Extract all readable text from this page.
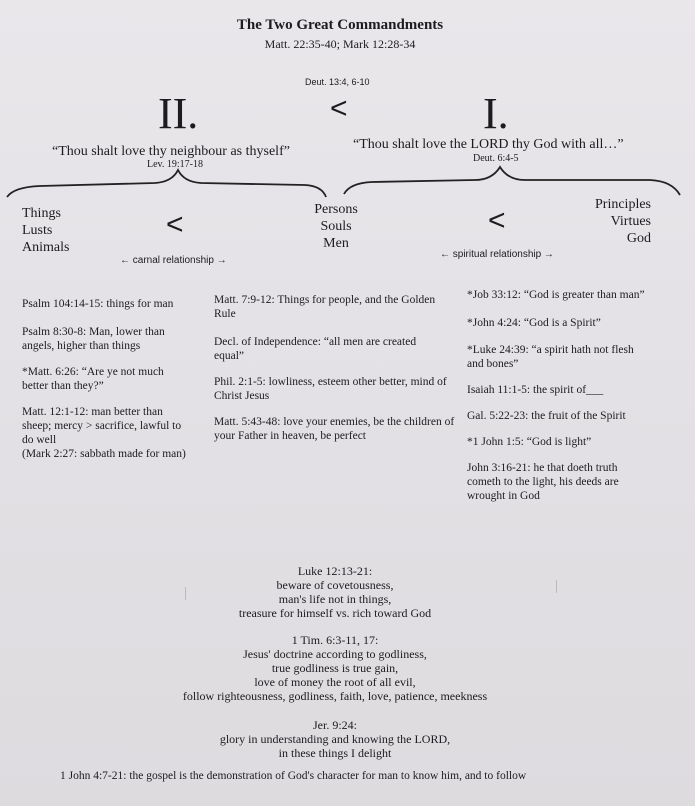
The Two Great Commandments
Matt. 22:35-40; Mark 12:28-34
Deut. 13:4, 6-10
II.	<	I.
“Thou shalt love thy neighbour as thyself”
Lev. 19:17-18
“Thou shalt love the LORD thy God with all…”
Deut. 6:4-5
Things
Lusts
Animals
<	Persons
Souls
Men
<	Principles
Virtues
God
← carnal relationship →
← spiritual relationship →
Psalm 104:14-15: things for man
Psalm 8:30-8: Man, lower than angels, higher than things
*Matt. 6:26: “Are ye not much better than they?”
Matt. 12:1-12: man better than sheep; mercy > sacrifice, lawful to do well
(Mark 2:27: sabbath made for man)
Matt. 7:9-12: Things for people, and the Golden Rule
Decl. of Independence: “all men are created equal”
Phil. 2:1-5: lowliness, esteem other better, mind of Christ Jesus
Matt. 5:43-48: love your enemies, be the children of your Father in heaven, be perfect
*Job 33:12: “God is greater than man”
*John 4:24: “God is a Spirit”
*Luke 24:39: “a spirit hath not flesh and bones”
Isaiah 11:1-5: the spirit of___
Gal. 5:22-23: the fruit of the Spirit
*1 John 1:5: “God is light”
John 3:16-21: he that doeth truth cometh to the light, his deeds are wrought in God
Luke 12:13-21:
beware of covetousness,
man's life not in things,
treasure for himself vs. rich toward God
1 Tim. 6:3-11, 17:
Jesus' doctrine according to godliness,
true godliness is true gain,
love of money the root of all evil,
follow righteousness, godliness, faith, love, patience, meekness
Jer. 9:24:
glory in understanding and knowing the LORD,
in these things I delight
1 John 4:7-21: the gospel is the demonstration of God's character for man to know him, and to follow
